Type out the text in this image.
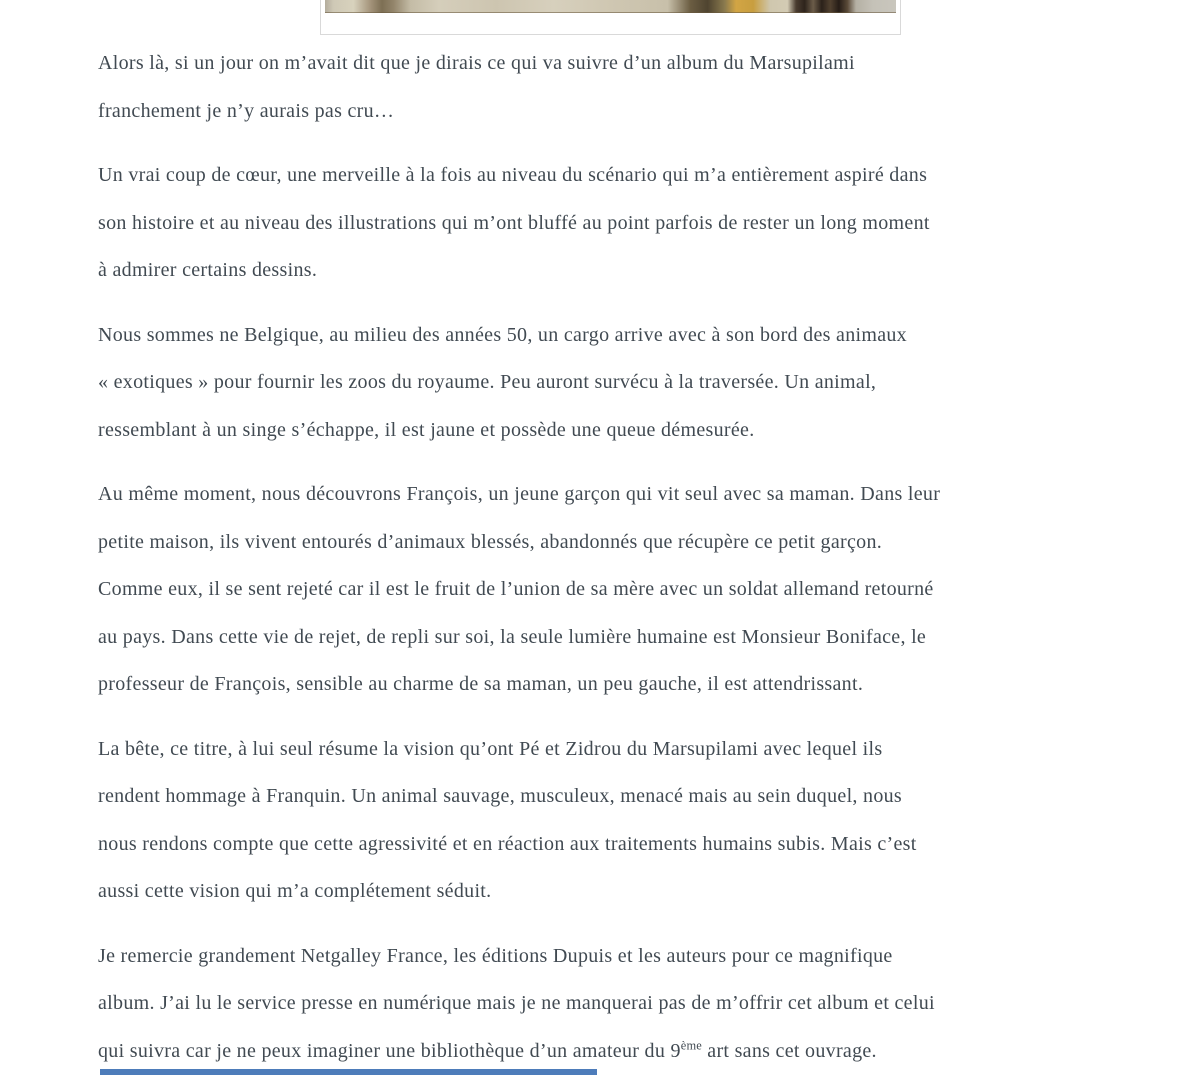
Alors là, si un jour on m’avait dit que je dirais ce qui va suivre d’un album du Marsupilami
franchement je n’y aurais pas cru…

Un vrai coup de cœur, une merveille à la fois au niveau du scénario qui m’a entièrement aspiré dans
son histoire et au niveau des illustrations qui m’ont bluffé au point parfois de rester un long moment
à admirer certains dessins.

Nous sommes ne Belgique, au milieu des années 50, un cargo arrive avec à son bord des animaux
« exotiques » pour fournir les zoos du royaume. Peu auront survécu à la traversée. Un animal,
ressemblant à un singe s’échappe, il est jaune et possède une queue démesurée.

Au même moment, nous découvrons François, un jeune garçon qui vit seul avec sa maman. Dans leur
petite maison, ils vivent entourés d’animaux blessés, abandonnés que récupère ce petit garçon.
Comme eux, il se sent rejeté car il est le fruit de l’union de sa mère avec un soldat allemand retourné
au pays. Dans cette vie de rejet, de repli sur soi, la seule lumière humaine est Monsieur Boniface, le
professeur de François, sensible au charme de sa maman, un peu gauche, il est attendrissant.

La bête, ce titre, à lui seul résume la vision qu’ont Pé et Zidrou du Marsupilami avec lequel ils
rendent hommage à Franquin. Un animal sauvage, musculeux, menacé mais au sein duquel, nous
nous rendons compte que cette agressivité et en réaction aux traitements humains subis. Mais c’est
aussi cette vision qui m’a complétement séduit.

Je remercie grandement Netgalley France, les éditions Dupuis et les auteurs pour ce magnifique
album. J’ai lu le service presse en numérique mais je ne manquerai pas de m’offrir cet album et celui
qui suivra car je ne peux imaginer une bibliothèque d’un amateur du 9ème art sans cet ouvrage.
